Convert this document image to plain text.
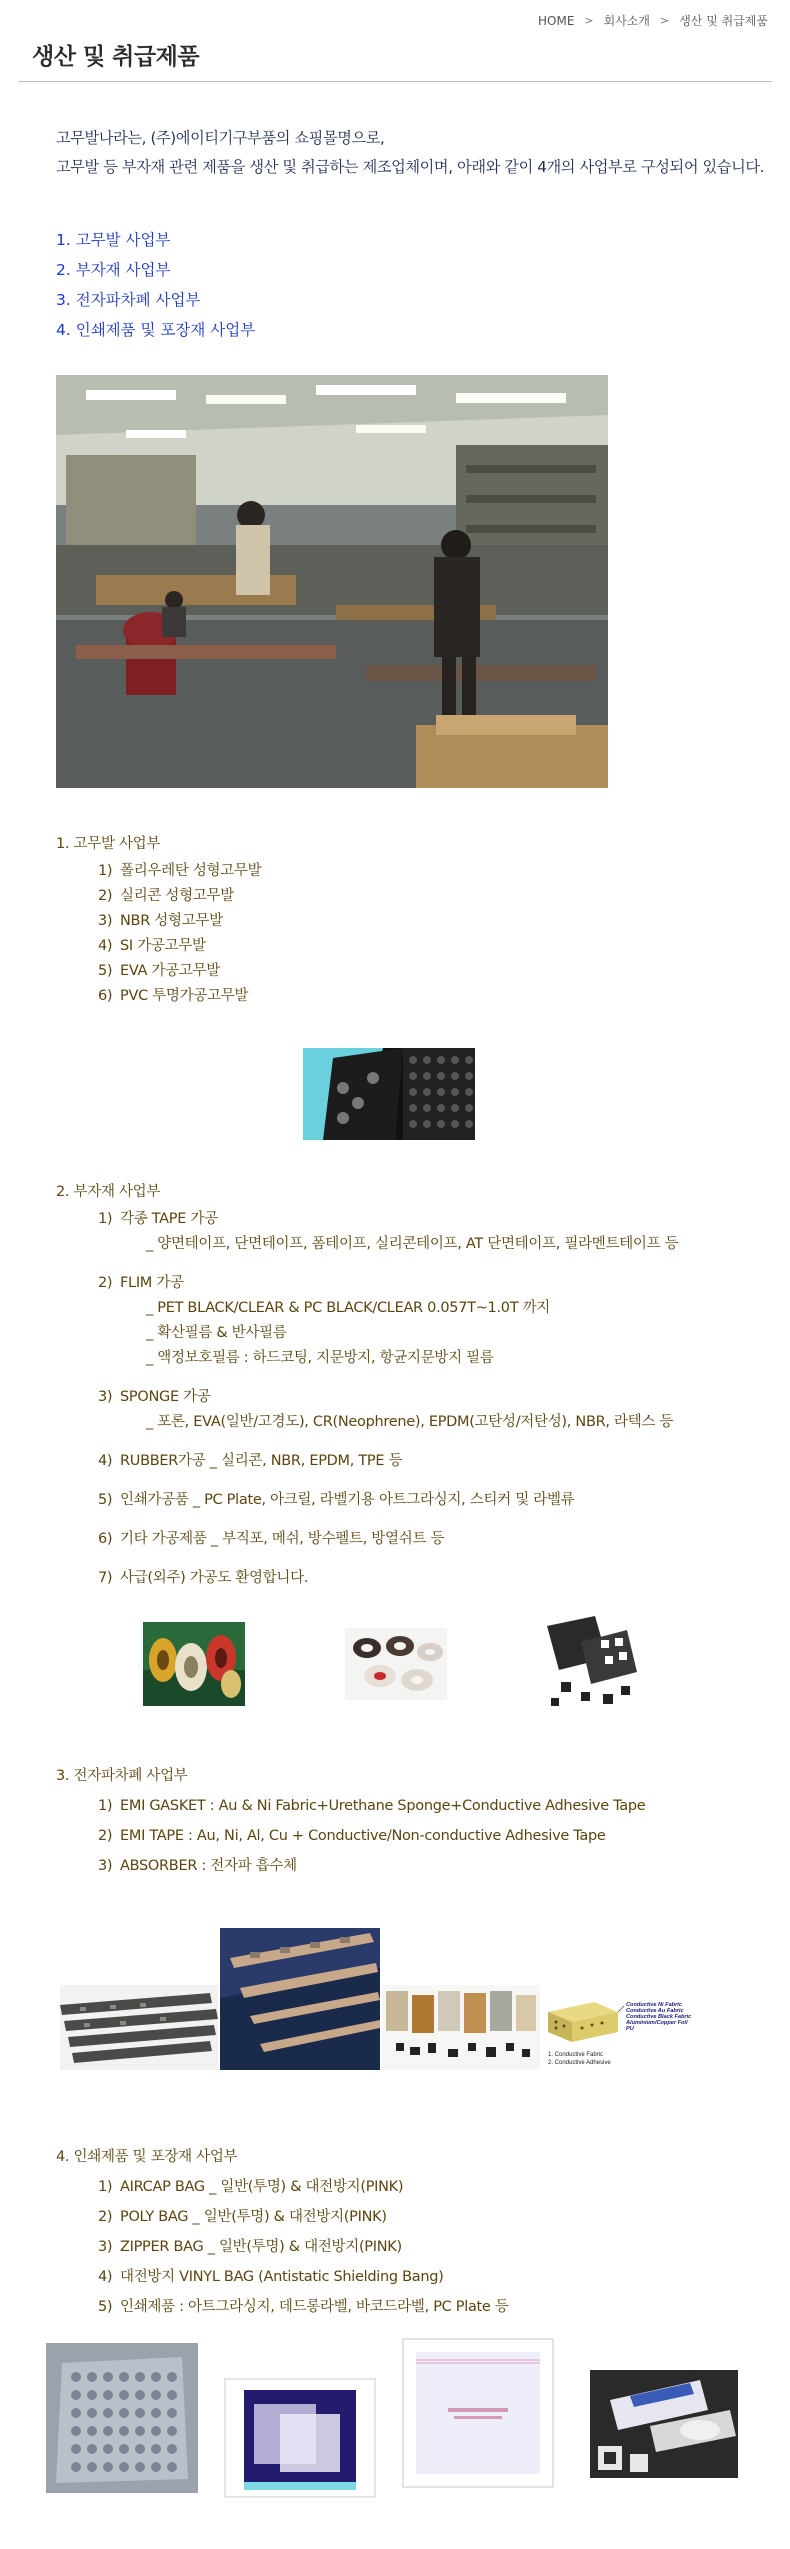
HOME > 회사소개 > 생산 및 취급제품
생산 및 취급제품
고무발나라는, (주)에이티기구부품의 쇼핑몰명으로,
고무발 등 부자재 관련 제품을 생산 및 취급하는 제조업체이며, 아래와 같이 4개의 사업부로 구성되어 있습니다.
1. 고무발 사업부
2. 부자재 사업부
3. 전자파차폐 사업부
4. 인쇄제품 및 포장재 사업부
1. 고무발 사업부
1) 폴리우레탄 성형고무발
2) 실리콘 성형고무발
3) NBR 성형고무발
4) SI 가공고무발
5) EVA 가공고무발
6) PVC 투명가공고무발
2. 부자재 사업부
1) 각종 TAPE 가공
_ 양면테이프, 단면테이프, 폼테이프, 실리콘테이프, AT 단면테이프, 필라멘트테이프 등
2) FLIM 가공
_ PET BLACK/CLEAR & PC BLACK/CLEAR 0.057T~1.0T 까지
_ 확산필름 & 반사필름
_ 액정보호필름 : 하드코팅, 지문방지, 항균지문방지 필름
3) SPONGE 가공
_ 포론, EVA(일반/고경도), CR(Neophrene), EPDM(고탄성/저탄성), NBR, 라텍스 등
4) RUBBER가공 _ 실리콘, NBR, EPDM, TPE 등
5) 인쇄가공품 _ PC Plate, 아크릴, 라벨기용 아트그라싱지, 스티커 및 라벨류
6) 기타 가공제품 _ 부직포, 메쉬, 방수펠트, 방열쉬트 등
7) 사급(외주) 가공도 환영합니다.
3. 전자파차폐 사업부
1) EMI GASKET : Au & Ni Fabric+Urethane Sponge+Conductive Adhesive Tape
2) EMI TAPE : Au, Ni, Al, Cu + Conductive/Non-conductive Adhesive Tape
3) ABSORBER : 전자파 흡수체
Conductive Ni Fabric
Conductive Au Fabric
Conductive Black Fabric
Aluminium/Copper Foil
PU
1. Conductive Fabric
2. Conductive Adhesive
4. 인쇄제품 및 포장재 사업부
1) AIRCAP BAG _ 일반(투명) & 대전방지(PINK)
2) POLY BAG _ 일반(투명) & 대전방지(PINK)
3) ZIPPER BAG _ 일반(투명) & 대전방지(PINK)
4) 대전방지 VINYL BAG (Antistatic Shielding Bang)
5) 인쇄제품 : 아트그라싱지, 데드롱라벨, 바코드라벨, PC Plate 등
